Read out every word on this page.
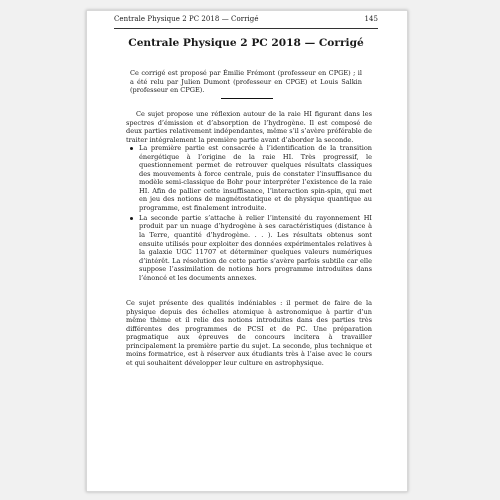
Centrale Physique 2 PC 2018 — Corrigé	145
Centrale Physique 2 PC 2018 — Corrigé
Ce corrigé est proposé par Émilie Frémont (professeur en CPGE) ; il a été relu par Julien Dumont (professeur en CPGE) et Louis Salkin (professeur en CPGE).
Ce sujet propose une réflexion autour de la raie HI figurant dans les spectres d’émission et d’absorption de l’hydrogène. Il est composé de deux parties relativement indépendantes, même s’il s’avère préférable de traiter intégralement la première partie avant d’aborder la seconde.
La première partie est consacrée à l’identification de la transition énergétique à l’origine de la raie HI. Très progressif, le questionnement permet de retrouver quelques résultats classiques des mouvements à force centrale, puis de constater l’insuffisance du modèle semi-classique de Bohr pour interpréter l’existence de la raie HI. Afin de pallier cette insuffisance, l’interaction spin-spin, qui met en jeu des notions de magnétostatique et de physique quantique au programme, est finalement introduite.
La seconde partie s’attache à relier l’intensité du rayonnement HI produit par un nuage d’hydrogène à ses caractéristiques (distance à la Terre, quantité d’hydrogène. . . ). Les résultats obtenus sont ensuite utilisés pour exploiter des données expérimentales relatives à la galaxie UGC 11707 et déterminer quelques valeurs numériques d’intérêt. La résolution de cette partie s’avère parfois subtile car elle suppose l’assimilation de notions hors programme introduites dans l’énoncé et les documents annexes.
Ce sujet présente des qualités indéniables : il permet de faire de la physique depuis des échelles atomique à astronomique à partir d’un même thème et il relie des notions introduites dans des parties très différentes des programmes de PCSI et de PC. Une préparation pragmatique aux épreuves de concours incitera à travailler principalement la première partie du sujet. La seconde, plus technique et moins formatrice, est à réserver aux étudiants très à l’aise avec le cours et qui souhaitent développer leur culture en astrophysique.
